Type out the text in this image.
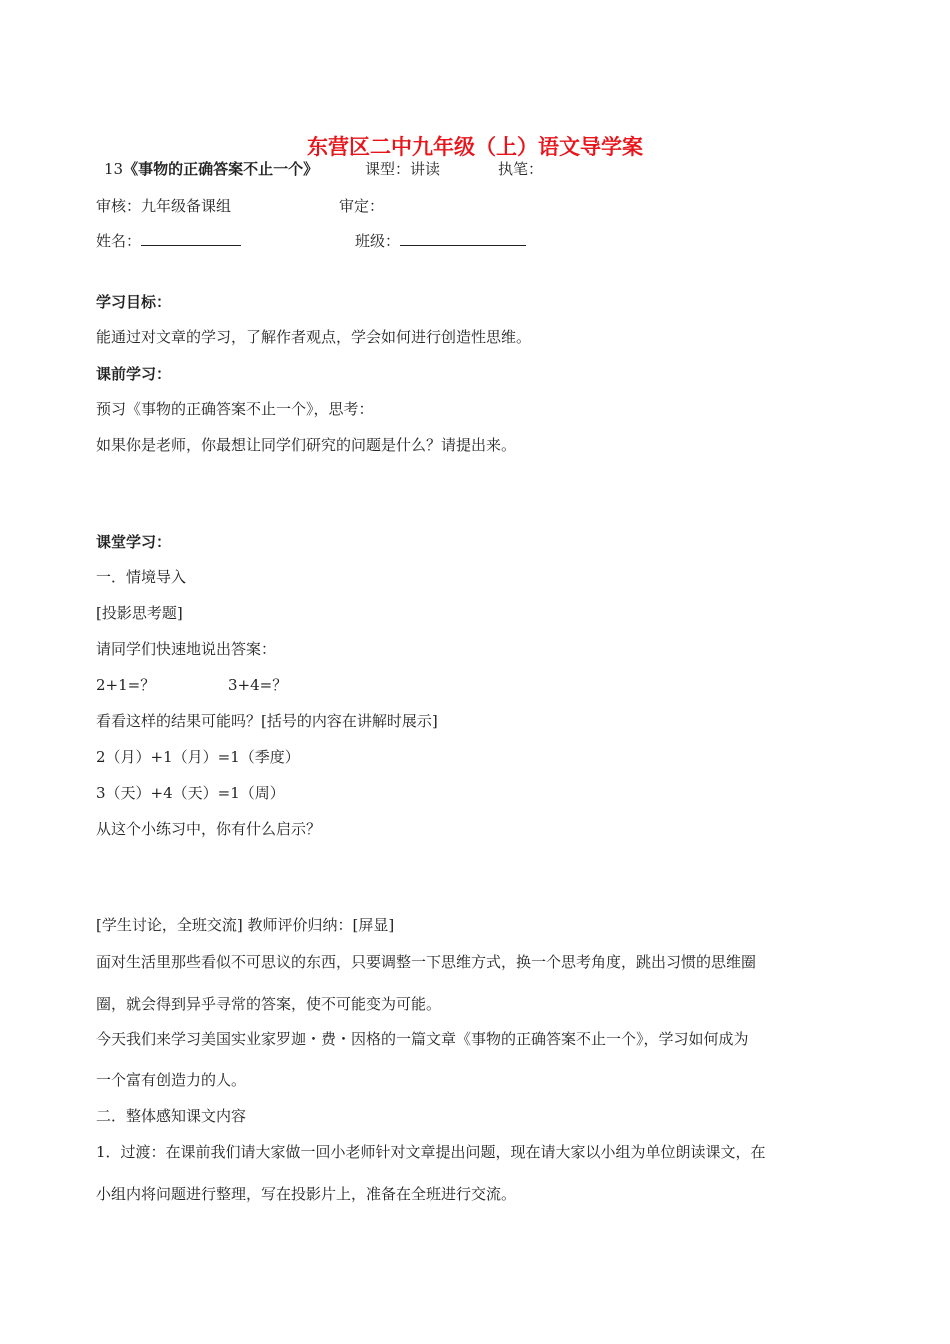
东营区二中九年级（上）语文导学案
13《事物的正确答案不止一个》	课型：讲读	执笔：
审核：九年级备课组	审定：
姓名：	班级：
学习目标：
能通过对文章的学习，了解作者观点，学会如何进行创造性思维。
课前学习：
预习《事物的正确答案不止一个》，思考：
如果你是老师，你最想让同学们研究的问题是什么？请提出来。
课堂学习：
一．情境导入
[投影思考题]
请同学们快速地说出答案：
2+1=？	3+4=？
看看这样的结果可能吗？[括号的内容在讲解时展示]
2（月）+1（月）=1（季度）
3（天）+4（天）=1（周）
从这个小练习中，你有什么启示？
[学生讨论，全班交流] 教师评价归纳：[屏显]
面对生活里那些看似不可思议的东西，只要调整一下思维方式，换一个思考角度，跳出习惯的思维圈
圈，就会得到异乎寻常的答案，使不可能变为可能。
今天我们来学习美国实业家罗迦・费・因格的一篇文章《事物的正确答案不止一个》，学习如何成为
一个富有创造力的人。
二．整体感知课文内容
1．过渡：在课前我们请大家做一回小老师针对文章提出问题，现在请大家以小组为单位朗读课文，在
小组内将问题进行整理，写在投影片上，准备在全班进行交流。
